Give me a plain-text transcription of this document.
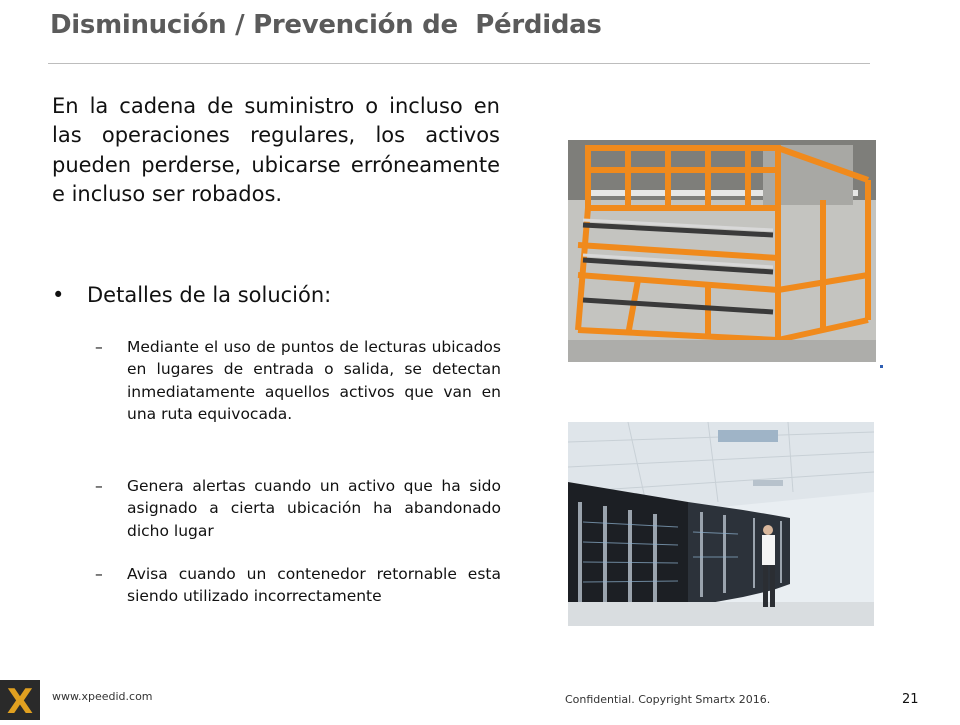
Disminución / Prevención de  Pérdidas
En la cadena de suministro o incluso en las operaciones regulares, los activos pueden perderse, ubicarse erróneamente e incluso ser robados.
• Detalles de la solución:
– Mediante el uso de puntos de lecturas ubicados en lugares de entrada o salida, se detectan inmediatamente aquellos activos que van en una ruta equivocada.
– Genera alertas cuando un activo que ha sido asignado a cierta ubicación ha abandonado dicho lugar
– Avisa cuando un contenedor retornable esta siendo utilizado incorrectamente
X www.xpeedid.com	Confidential. Copyright Smartx 2016.	21
